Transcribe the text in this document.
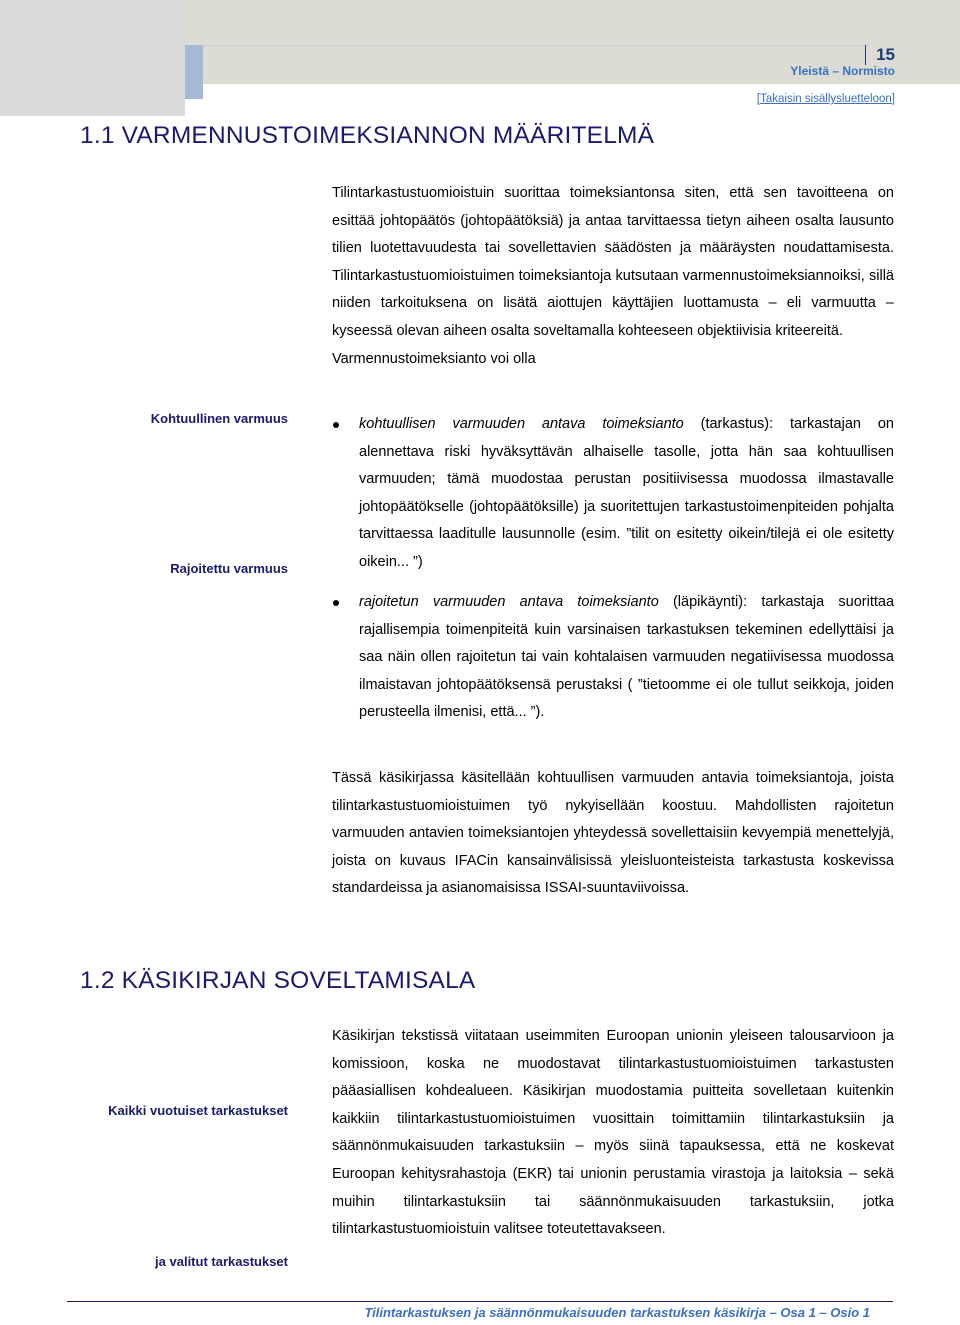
15
Yleistä – Normisto
[Takaisin sisällysluetteloon]
1.1 VARMENNUSTOIMEKSIANNON MÄÄRITELMÄ

Tilintarkastustuomioistuin suorittaa toimeksiantonsa siten, että sen tavoitteena on esittää johtopäätös (johtopäätöksiä) ja antaa tarvittaessa tietyn aiheen osalta lausunto tilien luotettavuudesta tai sovellettavien säädösten ja määräysten noudattamisesta. Tilintarkastustuomioistuimen toimeksiantoja kutsutaan varmennustoimeksiannoiksi, sillä niiden tarkoituksena on lisätä aiottujen käyttäjien luottamusta – eli varmuutta – kyseessä olevan aiheen osalta soveltamalla kohteeseen objektiivisia kriteereitä.

Varmennustoimeksianto voi olla

Kohtuullinen varmuus
Rajoitettu varmuus
kohtuullisen varmuuden antava toimeksianto (tarkastus): tarkastajan on alennettava riski hyväksyttävän alhaiselle tasolle, jotta hän saa kohtuullisen varmuuden; tämä muodostaa perustan positiivisessa muodossa ilmastavalle johtopäätökselle (johtopäätöksille) ja suoritettujen tarkastustoimenpiteiden pohjalta tarvittaessa laaditulle lausunnolle (esim. ”tilit on esitetty oikein/tilejä ei ole esitetty oikein... ”)
rajoitetun varmuuden antava toimeksianto (läpikäynti): tarkastaja suorittaa rajallisempia toimenpiteitä kuin varsinaisen tarkastuksen tekeminen edellyttäisi ja saa näin ollen rajoitetun tai vain kohtalaisen varmuuden negatiivisessa muodossa ilmaistavan johtopäätöksensä perustaksi ( ”tietoomme ei ole tullut seikkoja, joiden perusteella ilmenisi, että... ”).

Tässä käsikirjassa käsitellään kohtuullisen varmuuden antavia toimeksiantoja, joista tilintarkastustuomioistuimen työ nykyisellään koostuu. Mahdollisten rajoitetun varmuuden antavien toimeksiantojen yhteydessä sovellettaisiin kevyempiä menettelyjä, joista on kuvaus IFACin kansainvälisissä yleisluonteisteista tarkastusta koskevissa standardeissa ja asianomaisissa ISSAI-suuntaviivoissa.

1.2 KÄSIKIRJAN SOVELTAMISALA
Kaikki vuotuiset tarkastukset
ja valitut tarkastukset

Käsikirjan tekstissä viitataan useimmiten Euroopan unionin yleiseen talousarvioon ja komissioon, koska ne muodostavat tilintarkastustuomioistuimen tarkastusten pääasiallisen kohdealueen. Käsikirjan muodostamia puitteita sovelletaan kuitenkin kaikkiin tilintarkastustuomioistuimen vuosittain toimittamiin tilintarkastuksiin ja säännönmukaisuuden tarkastuksiin – myös siinä tapauksessa, että ne koskevat Euroopan kehitysrahastoja (EKR) tai unionin perustamia virastoja ja laitoksia – sekä muihin tilintarkastuksiin tai säännönmukaisuuden tarkastuksiin, jotka tilintarkastustuomioistuin valitsee toteutettavakseen.

Tilintarkastuksen ja säännönmukaisuuden tarkastuksen käsikirja – Osa 1 – Osio 1
